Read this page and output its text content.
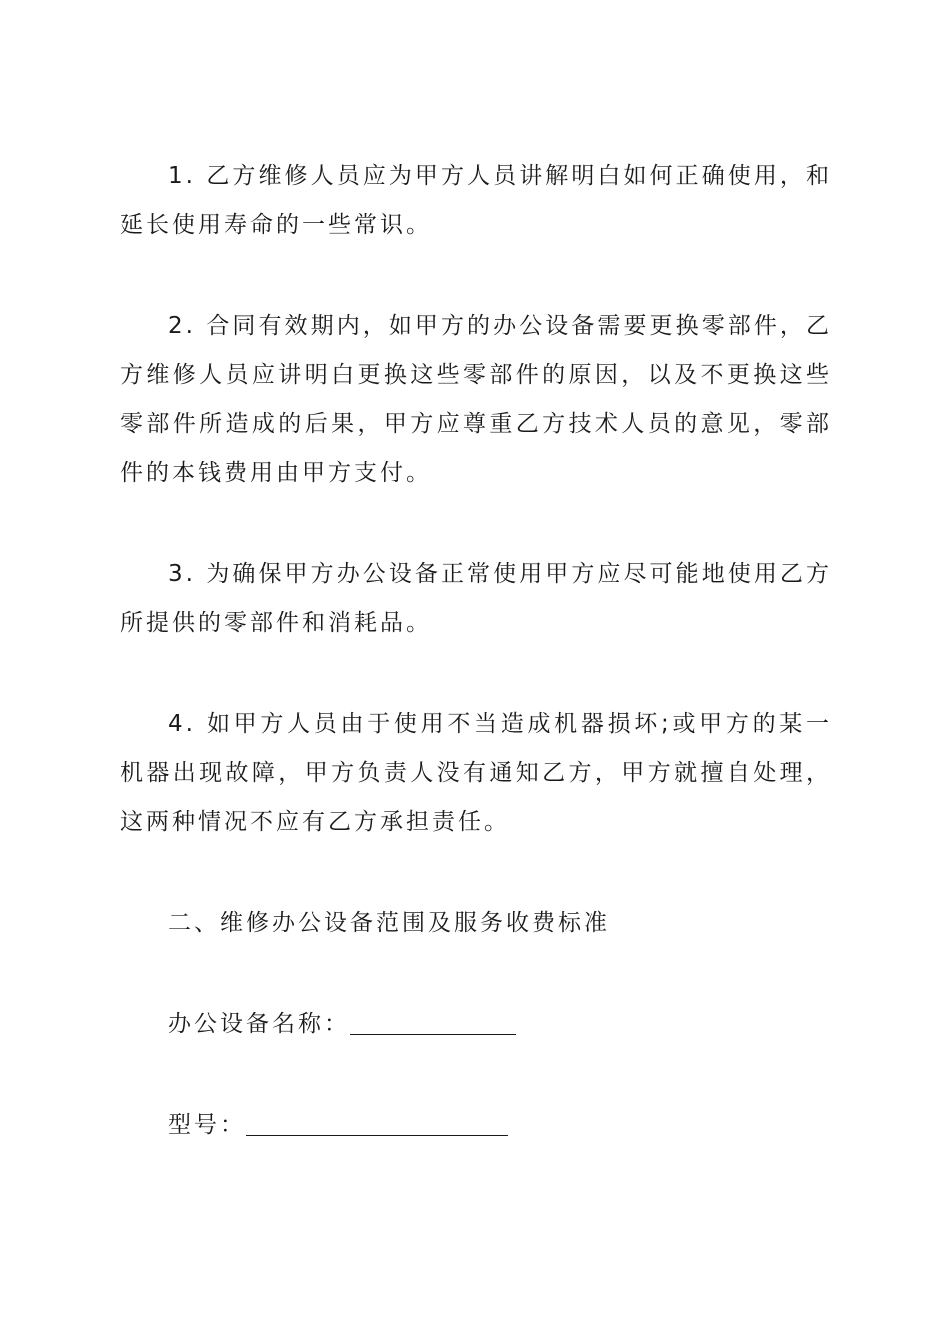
1. 乙方维修人员应为甲方人员讲解明白如何正确使用，和延长使用寿命的一些常识。

2. 合同有效期内，如甲方的办公设备需要更换零部件，乙方维修人员应讲明白更换这些零部件的原因，以及不更换这些零部件所造成的后果，甲方应尊重乙方技术人员的意见，零部件的本钱费用由甲方支付。

3. 为确保甲方办公设备正常使用甲方应尽可能地使用乙方所提供的零部件和消耗品。

4. 如甲方人员由于使用不当造成机器损坏;或甲方的某一机器出现故障，甲方负责人没有通知乙方，甲方就擅自处理，这两种情况不应有乙方承担责任。

二、维修办公设备范围及服务收费标准

办公设备名称：
型号：
